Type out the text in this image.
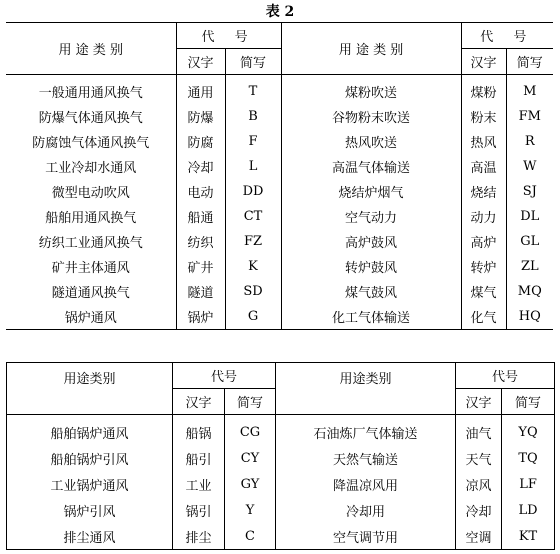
表 2
用 途 类 别	代 号		用 途 类 别	代 号	
	汉字	简写		汉字	简写
一般通用通风换气	通用	T	煤粉吹送	煤粉	M
防爆气体通风换气	防爆	B	谷物粉末吹送	粉末	FM
防腐蚀气体通风换气	防腐	F	热风吹送	热风	R
工业冷却水通风	冷却	L	高温气体输送	高温	W
微型电动吹风	电动	DD	烧结炉烟气	烧结	SJ
船舶用通风换气	船通	CT	空气动力	动力	DL
纺织工业通风换气	纺织	FZ	高炉鼓风	高炉	GL
矿井主体通风	矿井	K	转炉鼓风	转炉	ZL
隧道通风换气	隧道	SD	煤气鼓风	煤气	MQ
锅炉通风	锅炉	G	化工气体输送	化气	HQ
用途类别	代号		用途类别	代号	
	汉字	简写		汉字	简写
船舶锅炉通风	船锅	CG	石油炼厂气体输送	油气	YQ
船舶锅炉引风	船引	CY	天然气输送	天气	TQ
工业锅炉通风	工业	GY	降温凉风用	凉风	LF
锅炉引风	锅引	Y	冷却用	冷却	LD
排尘通风	排尘	C	空气调节用	空调	KT
